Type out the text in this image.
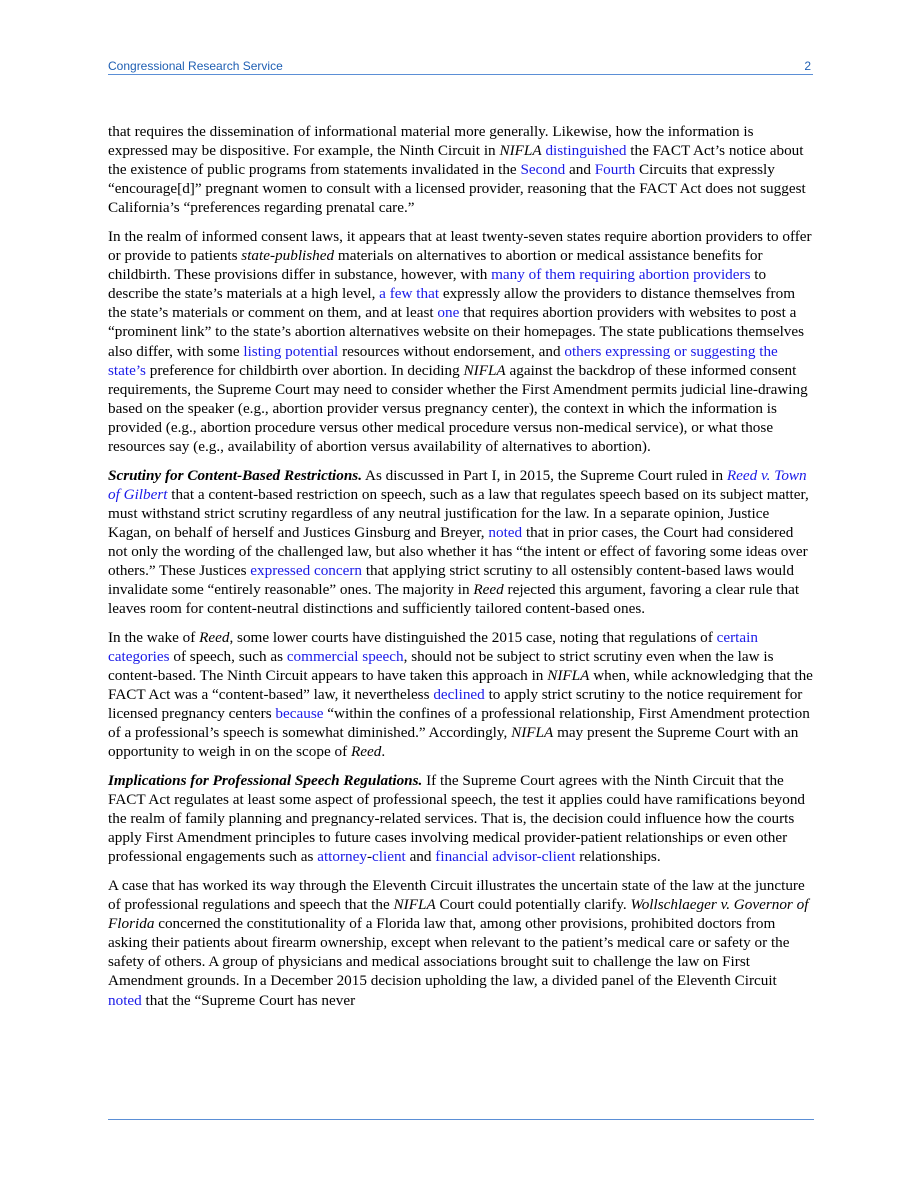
Congressional Research Service	2

that requires the dissemination of informational material more generally. Likewise, how the information is expressed may be dispositive. For example, the Ninth Circuit in NIFLA distinguished the FACT Act’s notice about the existence of public programs from statements invalidated in the Second and Fourth Circuits that expressly “encourage[d]” pregnant women to consult with a licensed provider, reasoning that the FACT Act does not suggest California’s “preferences regarding prenatal care.”

In the realm of informed consent laws, it appears that at least twenty-seven states require abortion providers to offer or provide to patients state-published materials on alternatives to abortion or medical assistance benefits for childbirth. These provisions differ in substance, however, with many of them requiring abortion providers to describe the state’s materials at a high level, a few that expressly allow the providers to distance themselves from the state’s materials or comment on them, and at least one that requires abortion providers with websites to post a “prominent link” to the state’s abortion alternatives website on their homepages. The state publications themselves also differ, with some listing potential resources without endorsement, and others expressing or suggesting the state’s preference for childbirth over abortion. In deciding NIFLA against the backdrop of these informed consent requirements, the Supreme Court may need to consider whether the First Amendment permits judicial line-drawing based on the speaker (e.g., abortion provider versus pregnancy center), the context in which the information is provided (e.g., abortion procedure versus other medical procedure versus non-medical service), or what those resources say (e.g., availability of abortion versus availability of alternatives to abortion).

Scrutiny for Content-Based Restrictions. As discussed in Part I, in 2015, the Supreme Court ruled in Reed v. Town of Gilbert that a content-based restriction on speech, such as a law that regulates speech based on its subject matter, must withstand strict scrutiny regardless of any neutral justification for the law. In a separate opinion, Justice Kagan, on behalf of herself and Justices Ginsburg and Breyer, noted that in prior cases, the Court had considered not only the wording of the challenged law, but also whether it has “the intent or effect of favoring some ideas over others.” These Justices expressed concern that applying strict scrutiny to all ostensibly content-based laws would invalidate some “entirely reasonable” ones. The majority in Reed rejected this argument, favoring a clear rule that leaves room for content-neutral distinctions and sufficiently tailored content-based ones.

In the wake of Reed, some lower courts have distinguished the 2015 case, noting that regulations of certain categories of speech, such as commercial speech, should not be subject to strict scrutiny even when the law is content-based. The Ninth Circuit appears to have taken this approach in NIFLA when, while acknowledging that the FACT Act was a “content-based” law, it nevertheless declined to apply strict scrutiny to the notice requirement for licensed pregnancy centers because “within the confines of a professional relationship, First Amendment protection of a professional’s speech is somewhat diminished.” Accordingly, NIFLA may present the Supreme Court with an opportunity to weigh in on the scope of Reed.

Implications for Professional Speech Regulations. If the Supreme Court agrees with the Ninth Circuit that the FACT Act regulates at least some aspect of professional speech, the test it applies could have ramifications beyond the realm of family planning and pregnancy-related services. That is, the decision could influence how the courts apply First Amendment principles to future cases involving medical provider-patient relationships or even other professional engagements such as attorney-client and financial advisor-client relationships.

A case that has worked its way through the Eleventh Circuit illustrates the uncertain state of the law at the juncture of professional regulations and speech that the NIFLA Court could potentially clarify. Wollschlaeger v. Governor of Florida concerned the constitutionality of a Florida law that, among other provisions, prohibited doctors from asking their patients about firearm ownership, except when relevant to the patient’s medical care or safety or the safety of others. A group of physicians and medical associations brought suit to challenge the law on First Amendment grounds. In a December 2015 decision upholding the law, a divided panel of the Eleventh Circuit noted that the “Supreme Court has never
